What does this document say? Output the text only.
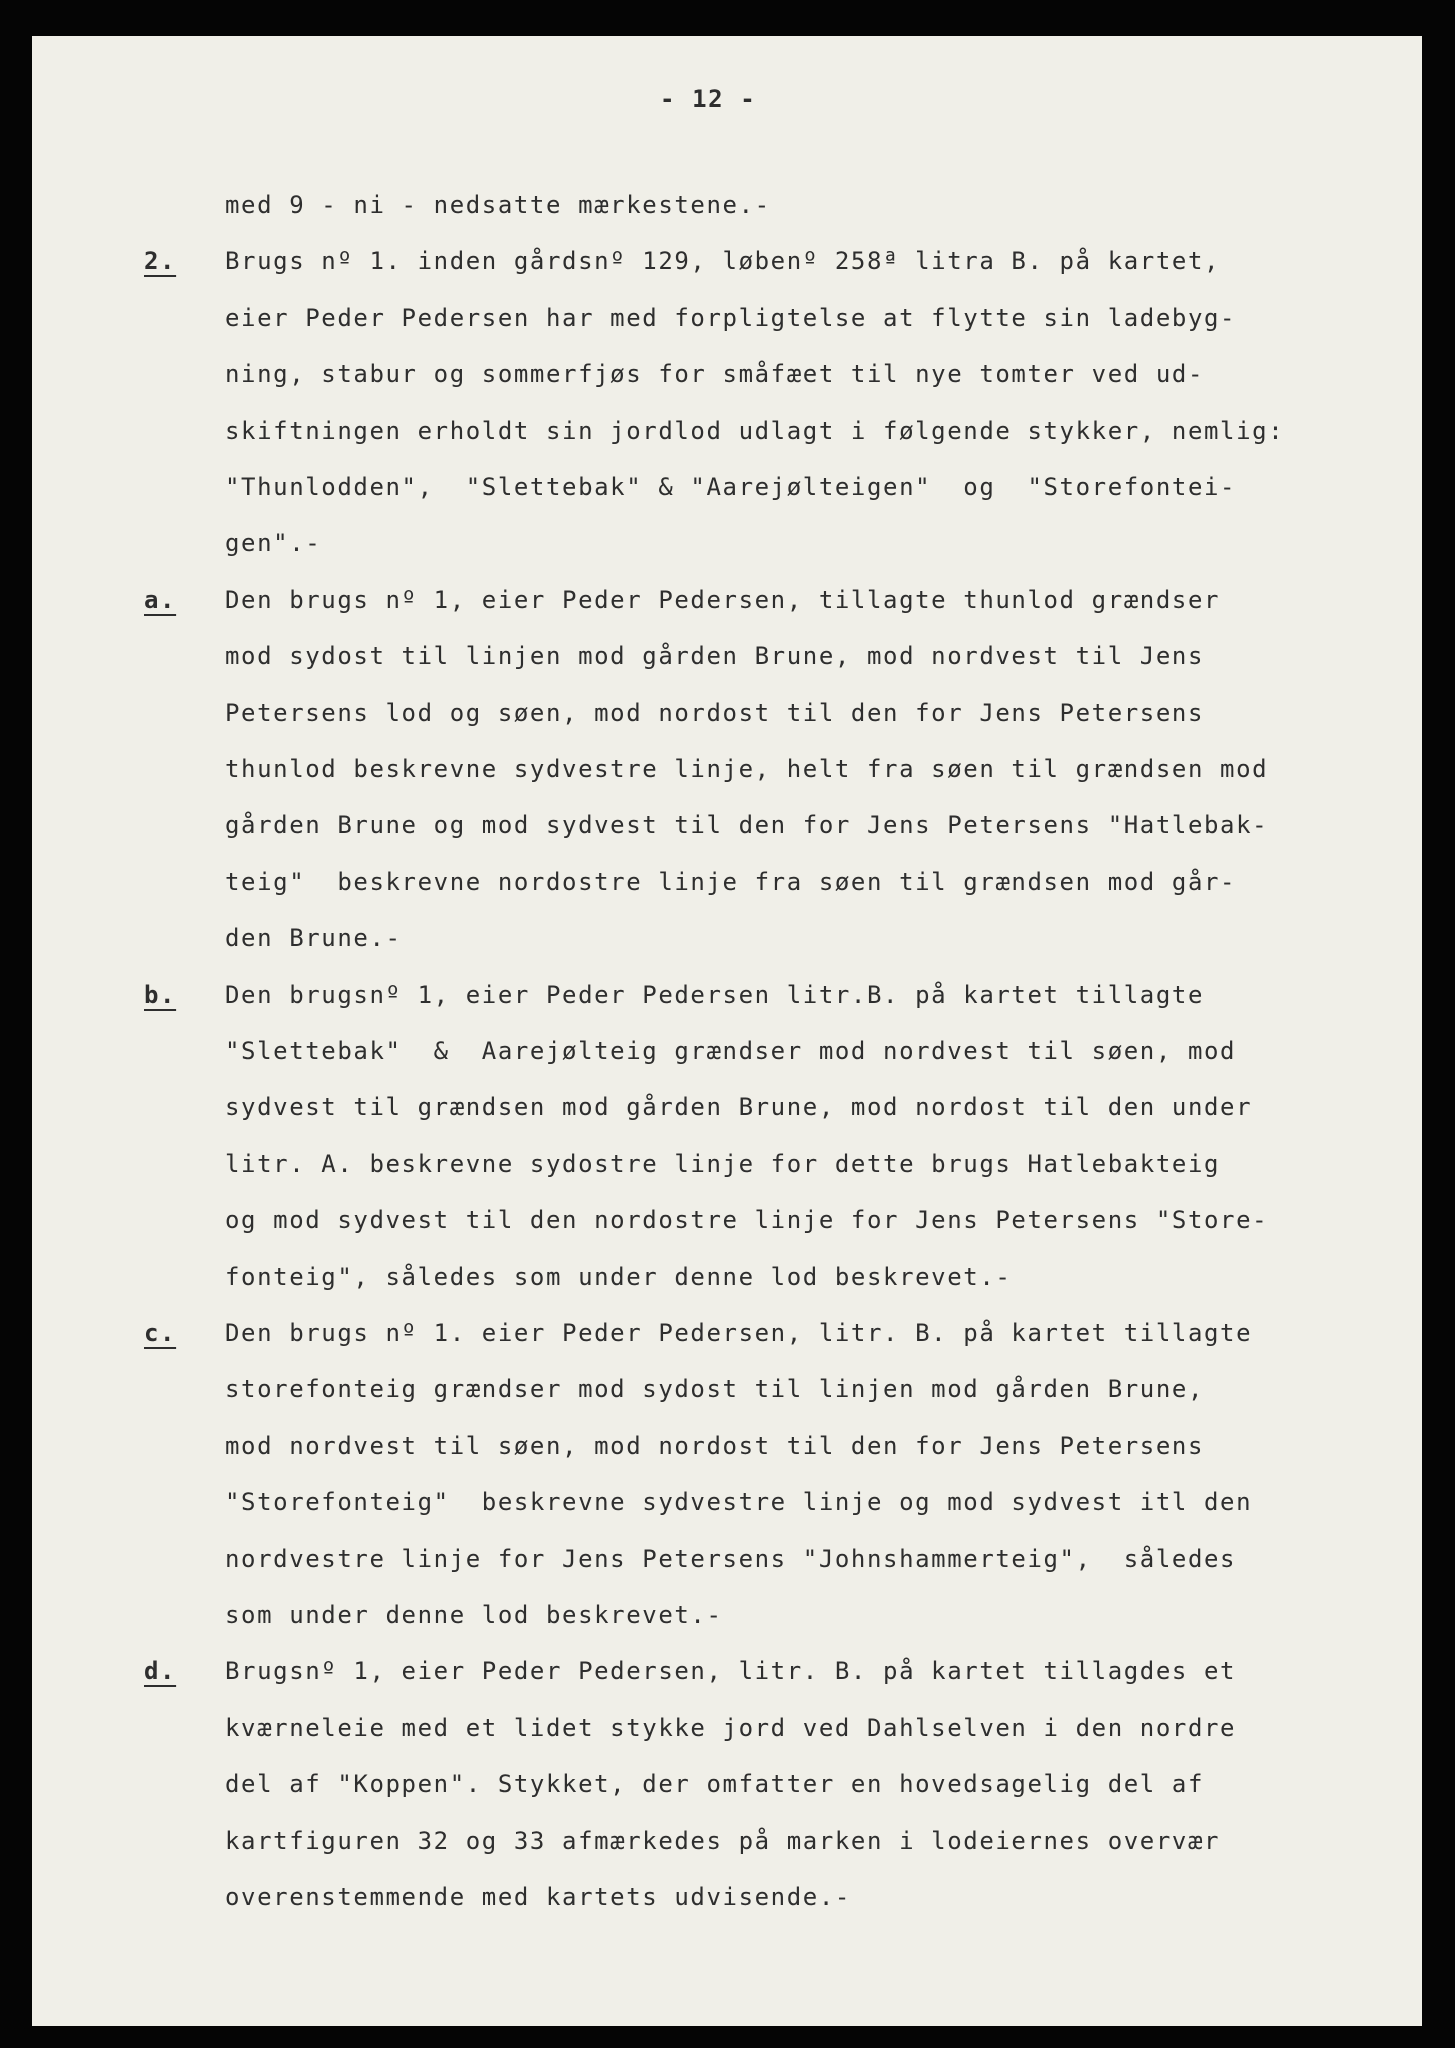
- 12 -
med 9 - ni - nedsatte mærkestene.-
2. Brugs nº 1. inden gårdsnº 129, løbenº 258ª litra B. på kartet,
eier Peder Pedersen har med forpligtelse at flytte sin ladebyg-
ning, stabur og sommerfjøs for småfæet til nye tomter ved ud-
skiftningen erholdt sin jordlod udlagt i følgende stykker, nemlig:
"Thunlodden",  "Slettebak" & "Aarejølteigen"  og  "Storefontei-
gen".-
a. Den brugs nº 1, eier Peder Pedersen, tillagte thunlod grændser
mod sydost til linjen mod gården Brune, mod nordvest til Jens
Petersens lod og søen, mod nordost til den for Jens Petersens
thunlod beskrevne sydvestre linje, helt fra søen til grændsen mod
gården Brune og mod sydvest til den for Jens Petersens "Hatlebak-
teig"  beskrevne nordostre linje fra søen til grændsen mod går-
den Brune.-
b. Den brugsnº 1, eier Peder Pedersen litr.B. på kartet tillagte
"Slettebak"  &  Aarejølteig grændser mod nordvest til søen, mod
sydvest til grændsen mod gården Brune, mod nordost til den under
litr. A. beskrevne sydostre linje for dette brugs Hatlebakteig
og mod sydvest til den nordostre linje for Jens Petersens "Store-
fonteig", således som under denne lod beskrevet.-
c. Den brugs nº 1. eier Peder Pedersen, litr. B. på kartet tillagte
storefonteig grændser mod sydost til linjen mod gården Brune,
mod nordvest til søen, mod nordost til den for Jens Petersens
"Storefonteig"  beskrevne sydvestre linje og mod sydvest itl den
nordvestre linje for Jens Petersens "Johnshammerteig",  således
som under denne lod beskrevet.-
d. Brugsnº 1, eier Peder Pedersen, litr. B. på kartet tillagdes et
kværneleie med et lidet stykke jord ved Dahlselven i den nordre
del af "Koppen". Stykket, der omfatter en hovedsagelig del af
kartfiguren 32 og 33 afmærkedes på marken i lodeiernes overvær
overenstemmende med kartets udvisende.-
